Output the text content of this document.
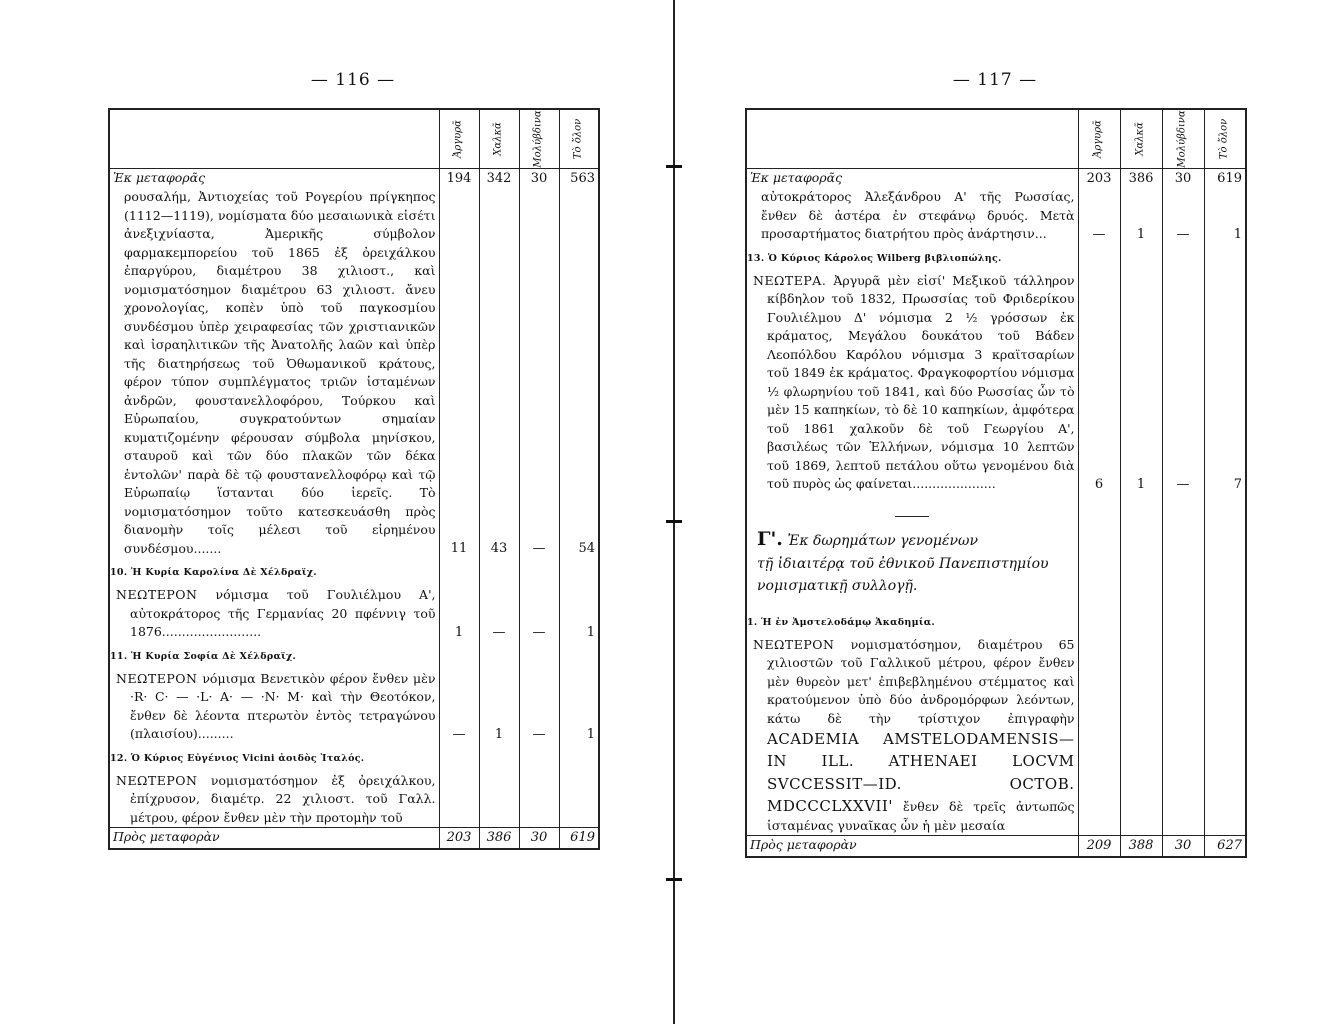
— 116 —

	Ἀργυρᾶ	Χαλκᾶ	Μολύβδινα	Τὸ ὅλον

Ἐκ μεταφορᾶς	194	342	30	563
ρουσαλήμ, Ἀντιοχείας τοῦ Ρογερίου πρίγκηπος (1112—1119), νομίσματα δύο μεσαιωνικὰ εἰσέτι ἀνεξιχνίαστα, Ἀμερικῆς σύμβολον φαρμακεμπορείου τοῦ 1865 ἐξ ὀρειχάλκου ἐπαργύρου, διαμέτρου 38 χιλιοστ., καὶ νομισματόσημον διαμέτρου 63 χιλιοστ. ἄνευ χρονολογίας, κοπὲν ὑπὸ τοῦ παγκοσμίου συνδέσμου ὑπὲρ χειραφεσίας τῶν χριστιανικῶν καὶ ἰσραηλιτικῶν τῆς Ἀνατολῆς λαῶν καὶ ὑπὲρ τῆς διατηρήσεως τοῦ Ὀθωμανικοῦ κράτους, φέρον τύπον συμπλέγματος τριῶν ἱσταμένων ἀνδρῶν, φουστανελλοφόρου, Τούρκου καὶ Εὐρωπαίου, συγκρατούντων σημαίαν κυματιζομένην φέρουσαν σύμβολα μηνίσκου, σταυροῦ καὶ τῶν δύο πλακῶν τῶν δέκα ἐντολῶν' παρὰ δὲ τῷ φουστανελλοφόρῳ καὶ τῷ Εὐρωπαίῳ ἵστανται δύο ἱερεῖς. Τὸ νομισματόσημον τοῦτο κατεσκευάσθη πρὸς διανομὴν τοῖς μέλεσι τοῦ εἰρημένου συνδέσμου.......	11	43	—	54
10. Ἡ Κυρία Καρολίνα Δὲ Χέλδραϊχ.				
ΝΕΩΤΕΡΟΝ νόμισμα τοῦ Γουλιέλμου Α', αὐτοκράτορος τῆς Γερμανίας 20 πφέννιγ τοῦ 1876.........................	1	—	—	1
11. Ἡ Κυρία Σοφία Δὲ Χέλδραϊχ.				
ΝΕΩΤΕΡΟΝ νόμισμα Βενετικὸν φέρον ἔνθεν μὲν ·R· C· — ·L· A· — ·N· M· καὶ τὴν Θεοτόκον, ἔνθεν δὲ λέοντα πτερωτὸν ἐντὸς τετραγώνου (πλαισίου).........	—	1	—	1
12. Ὁ Κύριος Εὐγένιος Vicini ἀοιδὸς Ἰταλός.				
ΝΕΩΤΕΡΟΝ νομισματόσημον ἐξ ὀρειχάλκου, ἐπίχρυσον, διαμέτρ. 22 χιλιοστ. τοῦ Γαλλ. μέτρου, φέρον ἔνθεν μὲν τὴν προτομὴν τοῦ				
Πρὸς μεταφορὰν	203	386	30	619
— 117 —

	Ἀργυρᾶ	Χαλκᾶ	Μολύβδινα	Τὸ ὅλον

Ἐκ μεταφορᾶς	203	386	30	619
αὐτοκράτορος Ἀλεξάνδρου Α' τῆς Ρωσσίας, ἔνθεν δὲ ἀστέρα ἐν στεφάνῳ δρυός. Μετὰ προσαρτήματος διατρήτου πρὸς ἀνάρτησιν...	—	1	—	1
13. Ὁ Κύριος Κάρολος Wilberg βιβλιοπώλης.				
ΝΕΩΤΕΡΑ. Ἀργυρᾶ μὲν εἰσί' Μεξικοῦ τάλληρον κίβδηλον τοῦ 1832, Πρωσσίας τοῦ Φριδερίκου Γουλιέλμου Δ' νόμισμα 2 ½ γρόσσων ἐκ κράματος, Μεγάλου δουκάτου τοῦ Βάδεν Λεοπόλδου Καρόλου νόμισμα 3 κραϊτσαρίων τοῦ 1849 ἐκ κράματος. Φραγκοφορτίου νόμισμα ½ φλωρηνίου τοῦ 1841, καὶ δύο Ρωσσίας ὧν τὸ μὲν 15 καπηκίων, τὸ δὲ 10 καπηκίων, ἀμφότερα τοῦ 1861 χαλκοῦν δὲ τοῦ Γεωργίου Α', βασιλέως τῶν Ἑλλήνων, νόμισμα 10 λεπτῶν τοῦ 1869, λεπτοῦ πετάλου οὕτω γενομένου διὰ τοῦ πυρὸς ὡς φαίνεται.....................	6	1	—	7

Γ'. Ἐκ δωρημάτων γενομένων
τῇ ἰδιαιτέρᾳ τοῦ ἐθνικοῦ Πανεπιστημίου
νομισματικῇ συλλογῇ.				

1. Ἡ ἐν Ἀμστελοδάμῳ Ἀκαδημία.				
ΝΕΩΤΕΡΟΝ νομισματόσημον, διαμέτρου 65 χιλιοστῶν τοῦ Γαλλικοῦ μέτρου, φέρον ἔνθεν μὲν θυρεὸν μετ' ἐπιβεβλημένου στέμματος καὶ κρατούμενον ὑπὸ δύο ἀνδρομόρφων λεόντων, κάτω δὲ τὴν τρίστιχον ἐπιγραφὴν ACADEMIA AMSTELODAMENSIS—IN ILL. ATHENAEI LOCVM SVCCESSIT—ID. OCTOB. MDCCCLXXVII' ἔνθεν δὲ τρεῖς ἀντωπῶς ἱσταμένας γυναῖκας ὧν ἡ μὲν μεσαία				
Πρὸς μεταφορὰν	209	388	30	627
